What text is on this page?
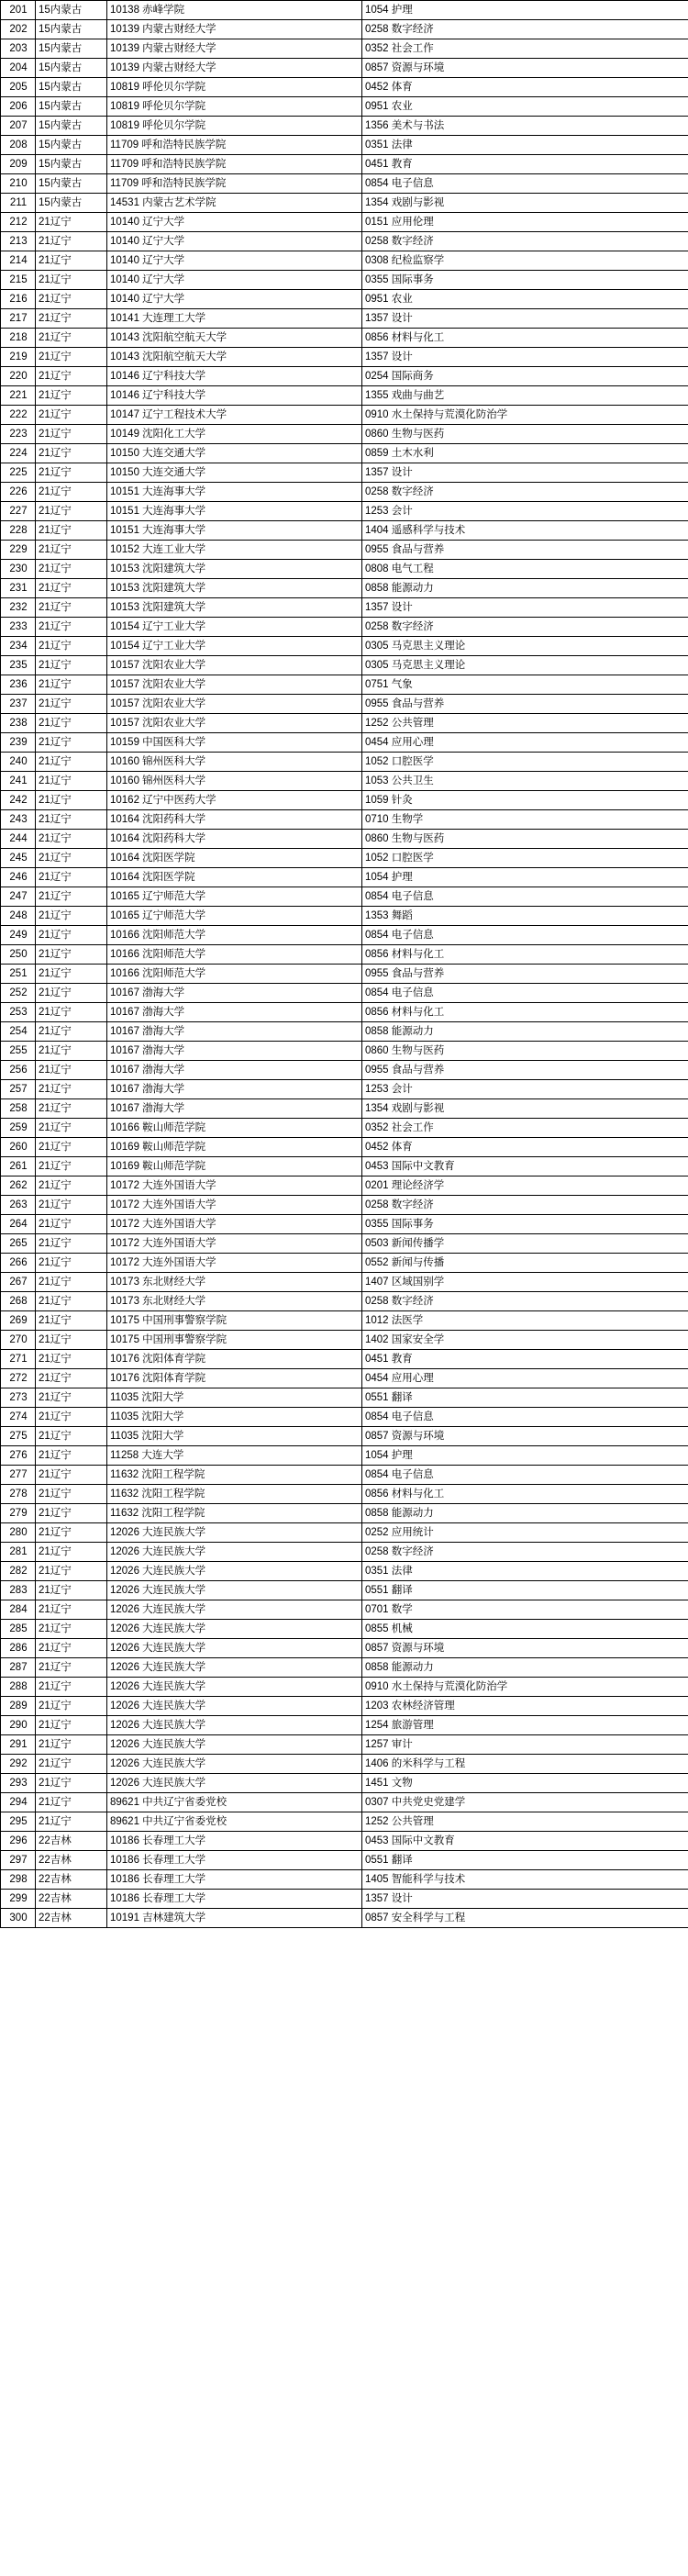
201	15内蒙古	10138 赤峰学院	1054 护理
202	15内蒙古	10139 内蒙古财经大学	0258 数字经济
203	15内蒙古	10139 内蒙古财经大学	0352 社会工作
204	15内蒙古	10139 内蒙古财经大学	0857 资源与环境
205	15内蒙古	10819 呼伦贝尔学院	0452 体育
206	15内蒙古	10819 呼伦贝尔学院	0951 农业
207	15内蒙古	10819 呼伦贝尔学院	1356 美术与书法
208	15内蒙古	11709 呼和浩特民族学院	0351 法律
209	15内蒙古	11709 呼和浩特民族学院	0451 教育
210	15内蒙古	11709 呼和浩特民族学院	0854 电子信息
211	15内蒙古	14531 内蒙古艺术学院	1354 戏剧与影视
212	21辽宁	10140 辽宁大学	0151 应用伦理
213	21辽宁	10140 辽宁大学	0258 数字经济
214	21辽宁	10140 辽宁大学	0308 纪检监察学
215	21辽宁	10140 辽宁大学	0355 国际事务
216	21辽宁	10140 辽宁大学	0951 农业
217	21辽宁	10141 大连理工大学	1357 设计
218	21辽宁	10143 沈阳航空航天大学	0856 材料与化工
219	21辽宁	10143 沈阳航空航天大学	1357 设计
220	21辽宁	10146 辽宁科技大学	0254 国际商务
221	21辽宁	10146 辽宁科技大学	1355 戏曲与曲艺
222	21辽宁	10147 辽宁工程技术大学	0910 水土保持与荒漠化防治学
223	21辽宁	10149 沈阳化工大学	0860 生物与医药
224	21辽宁	10150 大连交通大学	0859 土木水利
225	21辽宁	10150 大连交通大学	1357 设计
226	21辽宁	10151 大连海事大学	0258 数字经济
227	21辽宁	10151 大连海事大学	1253 会计
228	21辽宁	10151 大连海事大学	1404 遥感科学与技术
229	21辽宁	10152 大连工业大学	0955 食品与营养
230	21辽宁	10153 沈阳建筑大学	0808 电气工程
231	21辽宁	10153 沈阳建筑大学	0858 能源动力
232	21辽宁	10153 沈阳建筑大学	1357 设计
233	21辽宁	10154 辽宁工业大学	0258 数字经济
234	21辽宁	10154 辽宁工业大学	0305 马克思主义理论
235	21辽宁	10157 沈阳农业大学	0305 马克思主义理论
236	21辽宁	10157 沈阳农业大学	0751 气象
237	21辽宁	10157 沈阳农业大学	0955 食品与营养
238	21辽宁	10157 沈阳农业大学	1252 公共管理
239	21辽宁	10159 中国医科大学	0454 应用心理
240	21辽宁	10160 锦州医科大学	1052 口腔医学
241	21辽宁	10160 锦州医科大学	1053 公共卫生
242	21辽宁	10162 辽宁中医药大学	1059 针灸
243	21辽宁	10164 沈阳药科大学	0710 生物学
244	21辽宁	10164 沈阳药科大学	0860 生物与医药
245	21辽宁	10164 沈阳医学院	1052 口腔医学
246	21辽宁	10164 沈阳医学院	1054 护理
247	21辽宁	10165 辽宁师范大学	0854 电子信息
248	21辽宁	10165 辽宁师范大学	1353 舞蹈
249	21辽宁	10166 沈阳师范大学	0854 电子信息
250	21辽宁	10166 沈阳师范大学	0856 材料与化工
251	21辽宁	10166 沈阳师范大学	0955 食品与营养
252	21辽宁	10167 渤海大学	0854 电子信息
253	21辽宁	10167 渤海大学	0856 材料与化工
254	21辽宁	10167 渤海大学	0858 能源动力
255	21辽宁	10167 渤海大学	0860 生物与医药
256	21辽宁	10167 渤海大学	0955 食品与营养
257	21辽宁	10167 渤海大学	1253 会计
258	21辽宁	10167 渤海大学	1354 戏剧与影视
259	21辽宁	10166 鞍山师范学院	0352 社会工作
260	21辽宁	10169 鞍山师范学院	0452 体育
261	21辽宁	10169 鞍山师范学院	0453 国际中文教育
262	21辽宁	10172 大连外国语大学	0201 理论经济学
263	21辽宁	10172 大连外国语大学	0258 数字经济
264	21辽宁	10172 大连外国语大学	0355 国际事务
265	21辽宁	10172 大连外国语大学	0503 新闻传播学
266	21辽宁	10172 大连外国语大学	0552 新闻与传播
267	21辽宁	10173 东北财经大学	1407 区域国别学
268	21辽宁	10173 东北财经大学	0258 数字经济
269	21辽宁	10175 中国刑事警察学院	1012 法医学
270	21辽宁	10175 中国刑事警察学院	1402 国家安全学
271	21辽宁	10176 沈阳体育学院	0451 教育
272	21辽宁	10176 沈阳体育学院	0454 应用心理
273	21辽宁	11035 沈阳大学	0551 翻译
274	21辽宁	11035 沈阳大学	0854 电子信息
275	21辽宁	11035 沈阳大学	0857 资源与环境
276	21辽宁	11258 大连大学	1054 护理
277	21辽宁	11632 沈阳工程学院	0854 电子信息
278	21辽宁	11632 沈阳工程学院	0856 材料与化工
279	21辽宁	11632 沈阳工程学院	0858 能源动力
280	21辽宁	12026 大连民族大学	0252 应用统计
281	21辽宁	12026 大连民族大学	0258 数字经济
282	21辽宁	12026 大连民族大学	0351 法律
283	21辽宁	12026 大连民族大学	0551 翻译
284	21辽宁	12026 大连民族大学	0701 数学
285	21辽宁	12026 大连民族大学	0855 机械
286	21辽宁	12026 大连民族大学	0857 资源与环境
287	21辽宁	12026 大连民族大学	0858 能源动力
288	21辽宁	12026 大连民族大学	0910 水土保持与荒漠化防治学
289	21辽宁	12026 大连民族大学	1203 农林经济管理
290	21辽宁	12026 大连民族大学	1254 旅游管理
291	21辽宁	12026 大连民族大学	1257 审计
292	21辽宁	12026 大连民族大学	1406 的米科学与工程
293	21辽宁	12026 大连民族大学	1451 文物
294	21辽宁	89621 中共辽宁省委党校	0307 中共党史党建学
295	21辽宁	89621 中共辽宁省委党校	1252 公共管理
296	22吉林	10186 长春理工大学	0453 国际中文教育
297	22吉林	10186 长春理工大学	0551 翻译
298	22吉林	10186 长春理工大学	1405 智能科学与技术
299	22吉林	10186 长春理工大学	1357 设计
300	22吉林	10191 吉林建筑大学	0857 安全科学与工程
